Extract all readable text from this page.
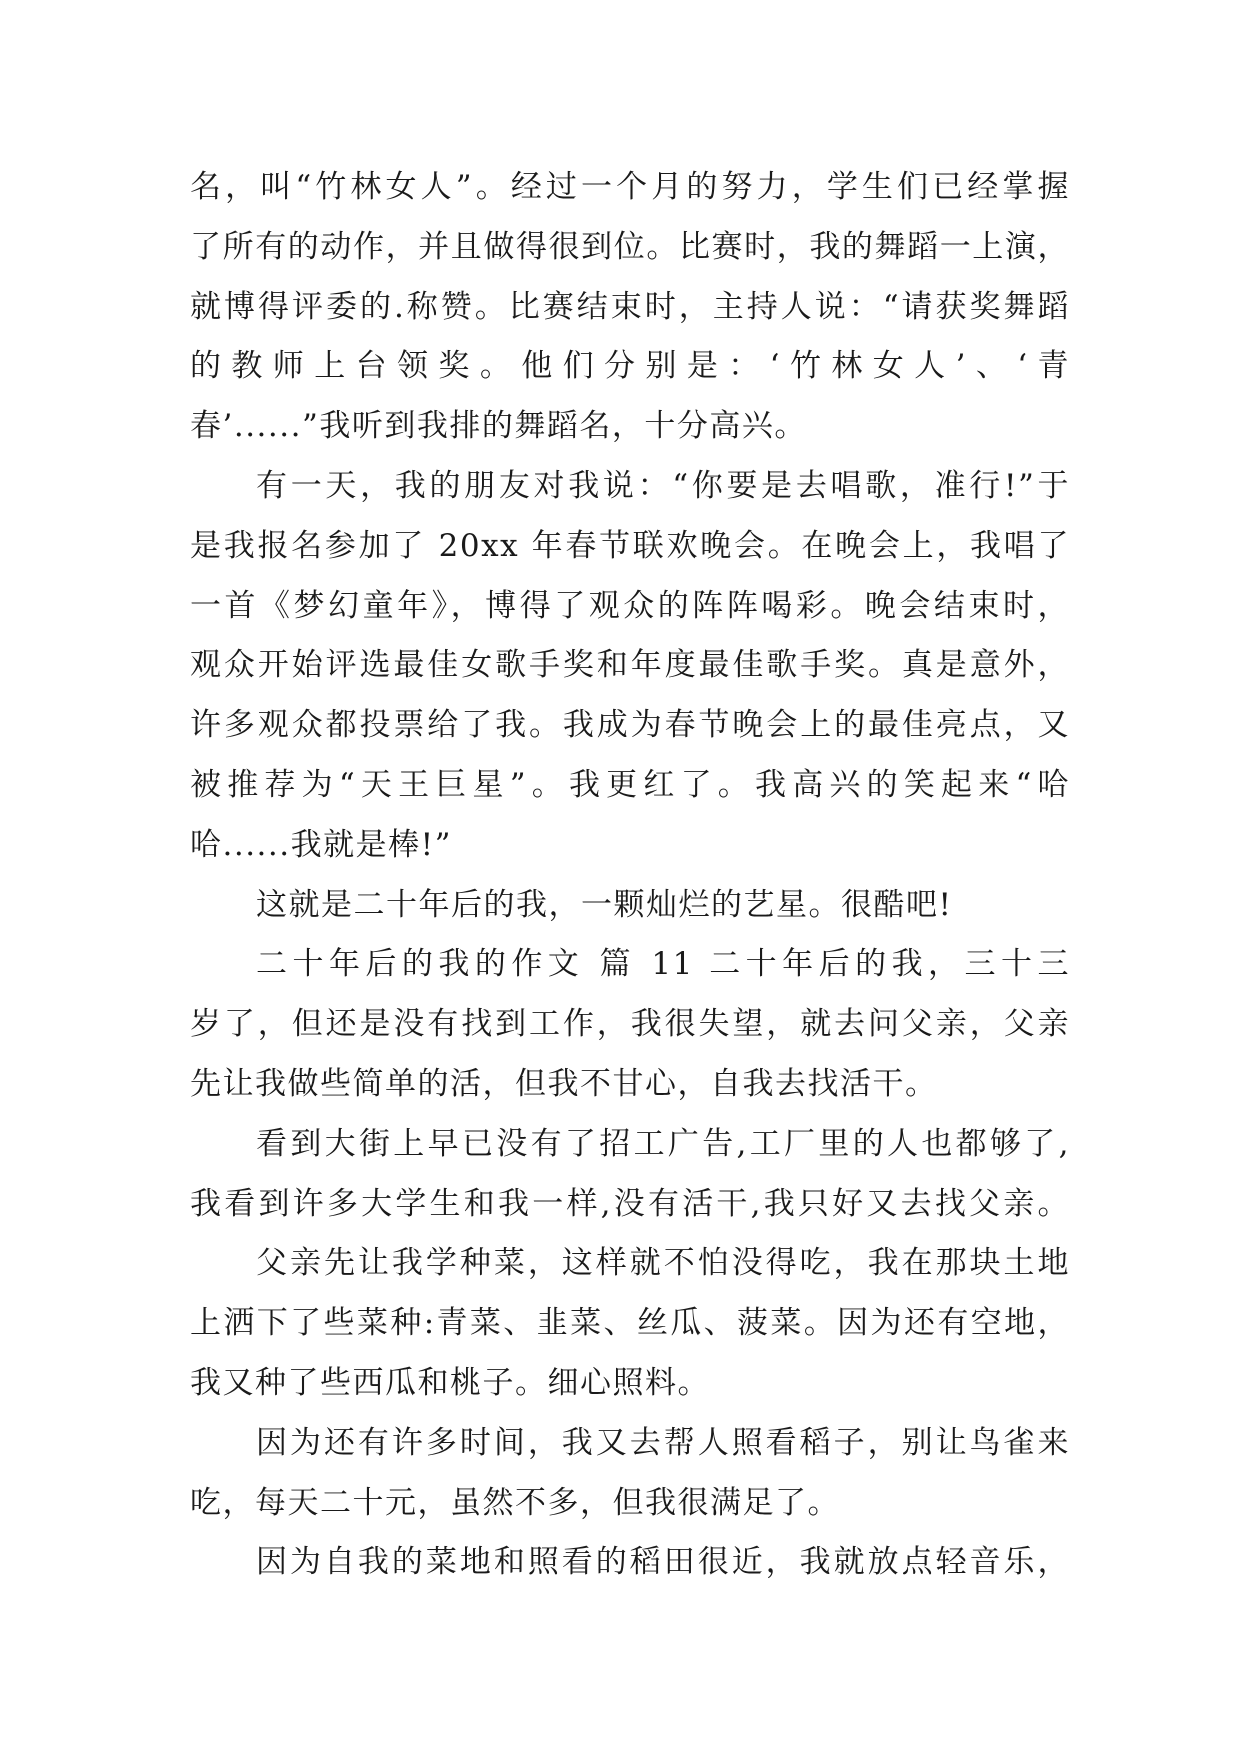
名，叫“竹林女人”。经过一个月的努力，学生们已经掌握
了所有的动作，并且做得很到位。比赛时，我的舞蹈一上演，
就博得评委的.称赞。比赛结束时，主持人说：“请获奖舞蹈
的教师上台领奖。他们分别是：‘竹林女人’、‘青
春’......”我听到我排的舞蹈名，十分高兴。
有一天，我的朋友对我说：“你要是去唱歌，准行!”于
是我报名参加了 20xx 年春节联欢晚会。在晚会上，我唱了
一首《梦幻童年》，博得了观众的阵阵喝彩。晚会结束时，
观众开始评选最佳女歌手奖和年度最佳歌手奖。真是意外，
许多观众都投票给了我。我成为春节晚会上的最佳亮点，又
被推荐为“天王巨星”。我更红了。我高兴的笑起来“哈
哈......我就是棒!”
这就是二十年后的我，一颗灿烂的艺星。很酷吧!
二十年后的我的作文 篇 11 二十年后的我，三十三
岁了，但还是没有找到工作，我很失望，就去问父亲，父亲
先让我做些简单的活，但我不甘心，自我去找活干。
看到大街上早已没有了招工广告,工厂里的人也都够了,
我看到许多大学生和我一样,没有活干,我只好又去找父亲。
父亲先让我学种菜，这样就不怕没得吃，我在那块土地
上洒下了些菜种:青菜、韭菜、丝瓜、菠菜。因为还有空地，
我又种了些西瓜和桃子。细心照料。
因为还有许多时间，我又去帮人照看稻子，别让鸟雀来
吃，每天二十元，虽然不多，但我很满足了。
因为自我的菜地和照看的稻田很近，我就放点轻音乐，
